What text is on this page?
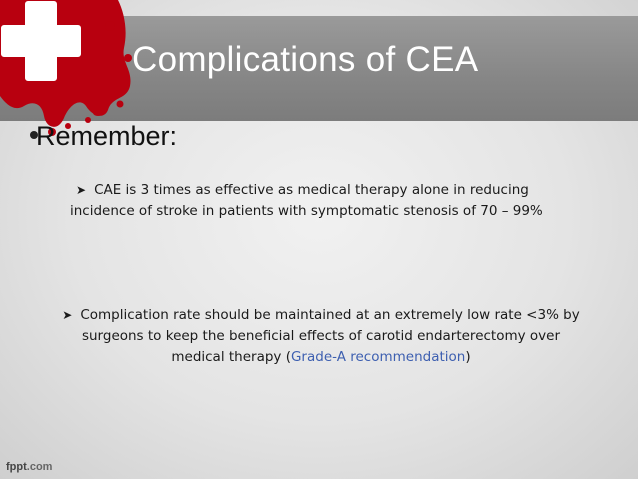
Complications of CEA
Remember:
➤ CAE is 3 times as effective as medical therapy alone in reducing
incidence of stroke in patients with symptomatic stenosis of 70 – 99%
➤ Complication rate should be maintained at an extremely low rate <3% by
surgeons to keep the beneficial effects of carotid endarterectomy over
medical therapy (Grade-A recommendation)
fppt.com
